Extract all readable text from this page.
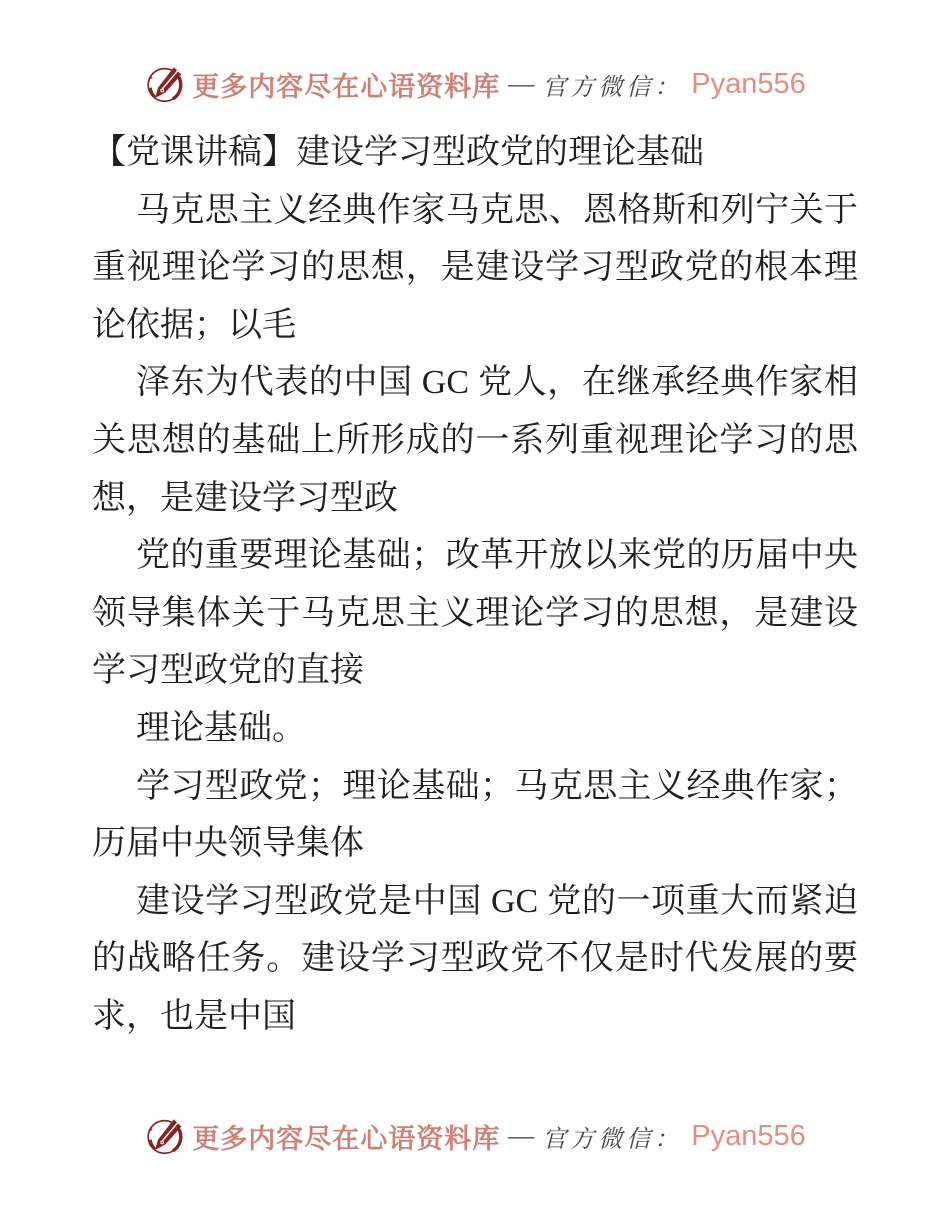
更多内容尽在心语资料库 — 官方微信： Pyan556
【党课讲稿】建设学习型政党的理论基础
马克思主义经典作家马克思、恩格斯和列宁关于
重视理论学习的思想，是建设学习型政党的根本理
论依据；以毛
泽东为代表的中国 GC 党人，在继承经典作家相
关思想的基础上所形成的一系列重视理论学习的思
想，是建设学习型政
党的重要理论基础；改革开放以来党的历届中央
领导集体关于马克思主义理论学习的思想，是建设
学习型政党的直接
理论基础。
学习型政党；理论基础；马克思主义经典作家；
历届中央领导集体
建设学习型政党是中国 GC 党的一项重大而紧迫
的战略任务。建设学习型政党不仅是时代发展的要
求，也是中国
更多内容尽在心语资料库 — 官方微信： Pyan556
